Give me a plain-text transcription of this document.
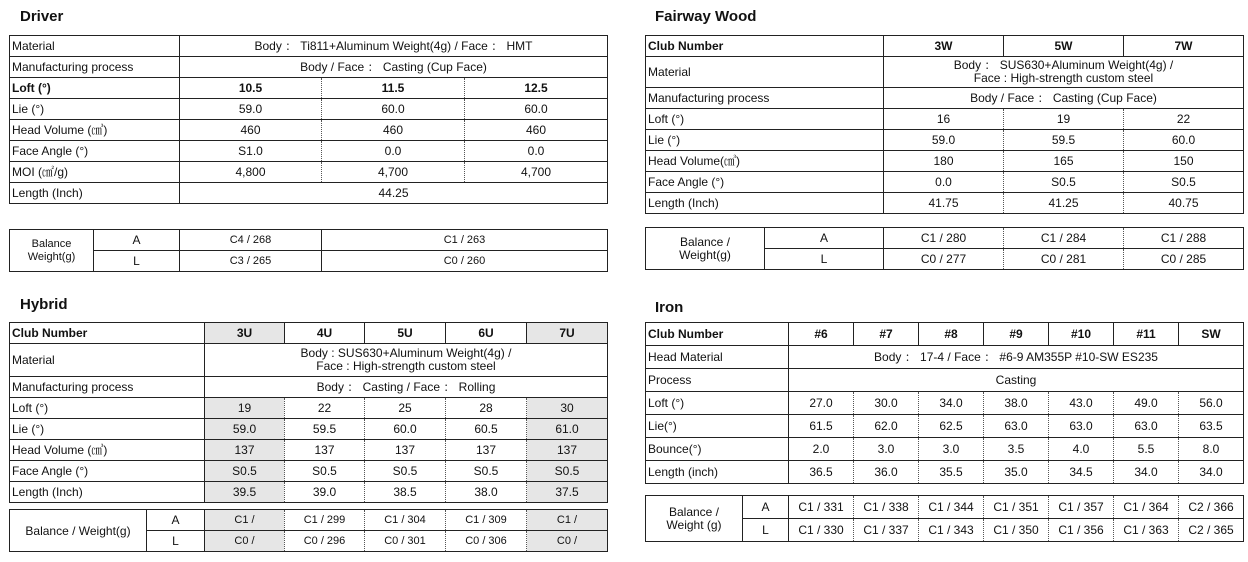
Driver
Material	Body ： Ti811+Aluminum Weight(4g) / Face ： HMT		
Manufacturing process	Body / Face ： Casting (Cup Face)		
Loft (°)	10.5	11.5	12.5
Lie (°)	59.0	60.0	60.0
Head Volume (㎤)	460	460	460
Face Angle (°)	S1.0	0.0	0.0
MOI (㎠/g)	4,800	4,700	4,700
Length (Inch)	44.25		
Balance
Weight(g)	A	C4 / 268	C1 / 263
	L	C3 / 265	C0 / 260
Hybrid
Club Number	3U	4U	5U	6U	7U
Material	Body : SUS630+Aluminum Weight(4g) /
Face : High-strength custom steel				

Manufacturing process	Body ： Casting / Face ： Rolling				
Loft (°)	19	22	25	28	30
Lie (°)	59.0	59.5	60.0	60.5	61.0
Head Volume (㎤)	137	137	137	137	137
Face Angle (°)	S0.5	S0.5	S0.5	S0.5	S0.5
Length (Inch)	39.5	39.0	38.5	38.0	37.5
Balance / Weight(g)	A	C1 /	C1 / 299	C1 / 304	C1 / 309	C1 /
	L	C0 /	C0 / 296	C0 / 301	C0 / 306	C0 /
Fairway Wood
Club Number	3W	5W	7W
Material	Body ： SUS630+Aluminum Weight(4g) /
Face : High-strength custom steel		

Manufacturing process	Body / Face ： Casting (Cup Face)		
Loft (°)	16	19	22
Lie (°)	59.0	59.5	60.0
Head Volume(㎤)	180	165	150
Face Angle (°)	0.0	S0.5	S0.5
Length (Inch)	41.75	41.25	40.75
Balance /
Weight(g)	A	C1 / 280	C1 / 284	C1 / 288
	L	C0 / 277	C0 / 281	C0 / 285
Iron
Club Number	#6	#7	#8	#9	#10	#11	SW
Head Material	Body ： 17-4 / Face ： #6-9 AM355P #10-SW ES235						
Process	Casting						
Loft (°)	27.0	30.0	34.0	38.0	43.0	49.0	56.0
Lie(°)	61.5	62.0	62.5	63.0	63.0	63.0	63.5
Bounce(°)	2.0	3.0	3.0	3.5	4.0	5.5	8.0
Length (inch)	36.5	36.0	35.5	35.0	34.5	34.0	34.0
Balance /
Weight (g)	A	C1 / 331	C1 / 338	C1 / 344	C1 / 351	C1 / 357	C1 / 364	C2 / 366
	L	C1 / 330	C1 / 337	C1 / 343	C1 / 350	C1 / 356	C1 / 363	C2 / 365
